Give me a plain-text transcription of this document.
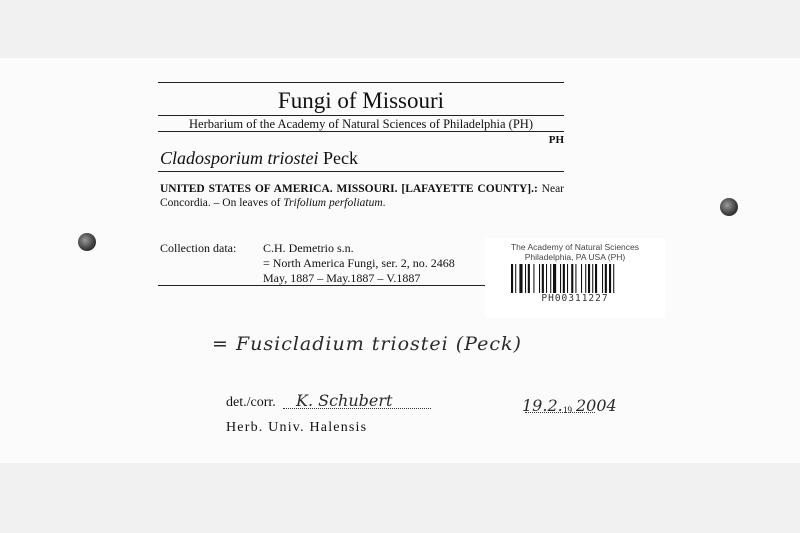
Fungi of Missouri
Herbarium of the Academy of Natural Sciences of Philadelphia (PH)
PH
Cladosporium triostei Peck
UNITED STATES OF AMERICA. MISSOURI. [LAFAYETTE COUNTY].: Near Concordia. – On leaves of Trifolium perfoliatum.
Collection data: C.H. Demetrio s.n.
= North America Fungi, ser. 2, no. 2468
May, 1887 – May.1887 – V.1887
The Academy of Natural Sciences
Philadelphia, PA USA (PH)
PH00311227
= Fusicladium triostei (Peck)
det./corr. K. Schubert	19.2. 19 2004
Herb. Univ. Halensis
